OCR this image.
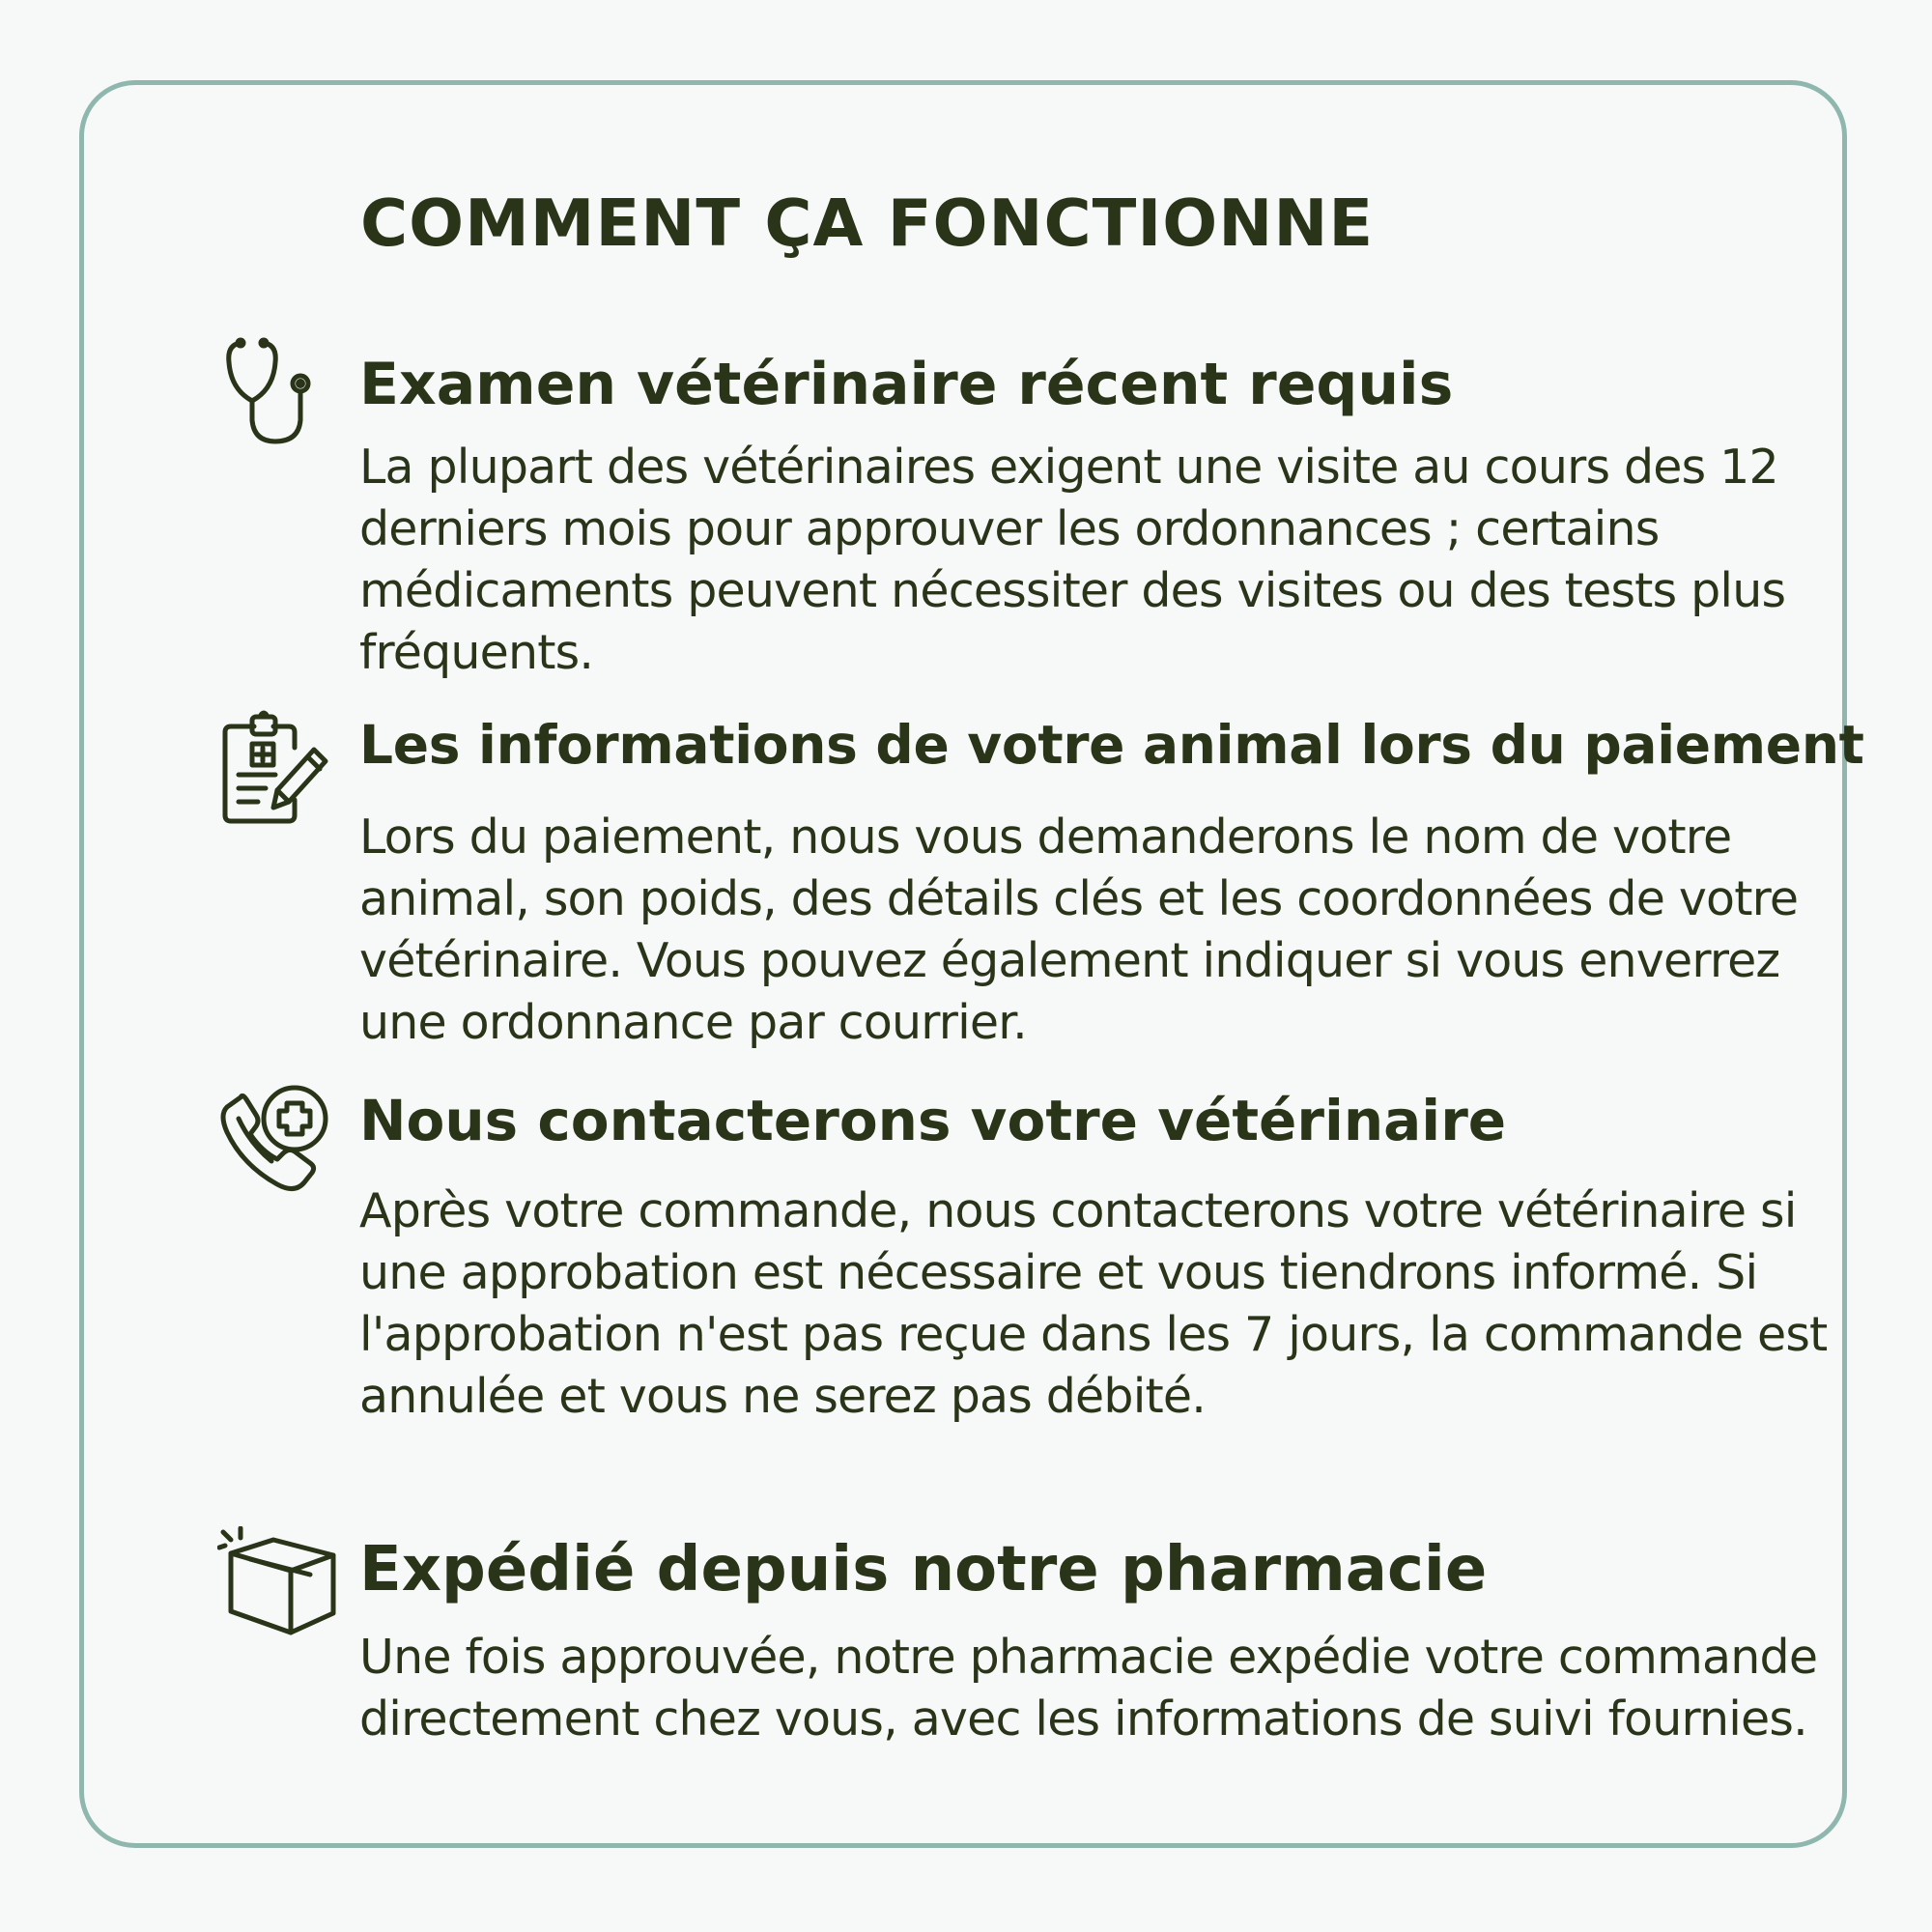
COMMENT ÇA FONCTIONNE
Examen vétérinaire récent requis

La plupart des vétérinaires exigent une visite au cours des 12 derniers mois pour approuver les ordonnances ; certains médicaments peuvent nécessiter des visites ou des tests plus fréquents.

Les informations de votre animal lors du paiement

Lors du paiement, nous vous demanderons le nom de votre animal, son poids, des détails clés et les coordonnées de votre vétérinaire. Vous pouvez également indiquer si vous enverrez une ordonnance par courrier.

Nous contacterons votre vétérinaire

Après votre commande, nous contacterons votre vétérinaire si une approbation est nécessaire et vous tiendrons informé. Si l'approbation n'est pas reçue dans les 7 jours, la commande est annulée et vous ne serez pas débité.

Expédié depuis notre pharmacie

Une fois approuvée, notre pharmacie expédie votre commande directement chez vous, avec les informations de suivi fournies.
